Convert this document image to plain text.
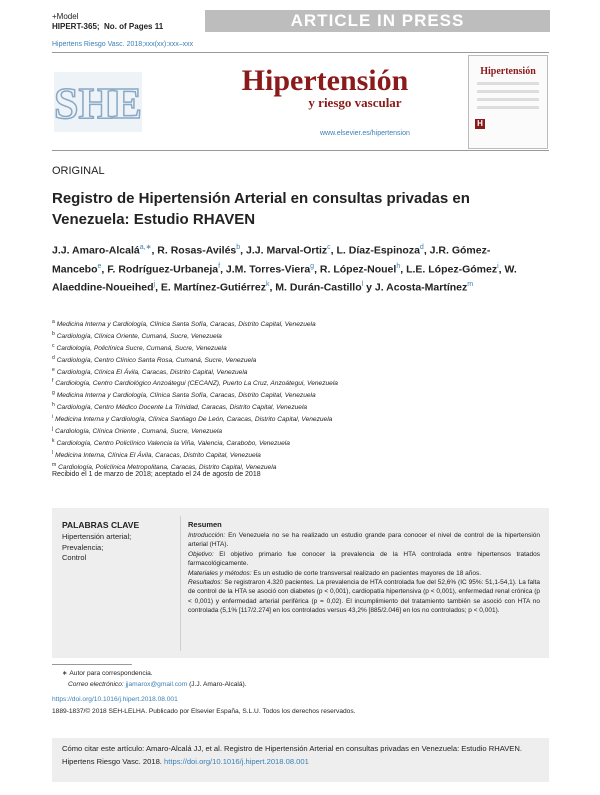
+Model
HIPERT-365; No. of Pages 11	ARTICLE IN PRESS
Hipertens Riesgo Vasc. 2018;xxx(xx):xxx–xxx
SHE	Hipertensión
y riesgo vascular
www.elsevier.es/hipertension
Hipertensión
H
ORIGINAL
Registro de Hipertensión Arterial en consultas privadas en Venezuela: Estudio RHAVEN
J.J. Amaro-Alcalá$^{a,∗}$, R. Rosas-Avilés$^b$, J.J. Marval-Ortiz$^c$, L. Díaz-Espinoza$^d$, J.R. Gómez-Mancebo$^e$, F. Rodríguez-Urbaneja$^f$, J.M. Torres-Viera$^g$, R. López-Nouel$^h$, L.E. López-Gómez$^i$, W. Alaeddine-Noueihed$^j$, E. Martínez-Gutiérrez$^k$, M. Durán-Castillo$^l$ y J. Acosta-Martínez$^m$
$^a$ Medicina Interna y Cardiología, Clínica Santa Sofía, Caracas, Distrito Capital, Venezuela
$^b$ Cardiología, Clínica Oriente, Cumaná, Sucre, Venezuela
$^c$ Cardiología, Policlínica Sucre, Cumaná, Sucre, Venezuela
$^d$ Cardiología, Centro Clínico Santa Rosa, Cumaná, Sucre, Venezuela
$^e$ Cardiología, Clínica El Ávila, Caracas, Distrito Capital, Venezuela
$^f$ Cardiología, Centro Cardiológico Anzoátegui (CECANZ), Puerto La Cruz, Anzoátegui, Venezuela
$^g$ Medicina Interna y Cardiología, Clínica Santa Sofía, Caracas, Distrito Capital, Venezuela
$^h$ Cardiología, Centro Médico Docente La Trinidad, Caracas, Distrito Capital, Venezuela
$^i$ Medicina Interna y Cardiología, Clínica Santiago De León, Caracas, Distrito Capital, Venezuela
$^j$ Cardiología, Clínica Oriente , Cumaná, Sucre, Venezuela
$^k$ Cardiología, Centro Policlínico Valencia la Viña, Valencia, Carabobo, Venezuela
$^l$ Medicina Interna, Clínica El Ávila, Caracas, Distrito Capital, Venezuela
$^m$ Cardiología, Policlínica Metropolitana, Caracas, Distrito Capital, Venezuela
Recibido el 1 de marzo de 2018; aceptado el 24 de agosto de 2018
PALABRAS CLAVE
Hipertensión arterial;
Prevalencia;
Control
Resumen
Introducción: En Venezuela no se ha realizado un estudio grande para conocer el nivel de control de la hipertensión arterial (HTA).
Objetivo: El objetivo primario fue conocer la prevalencia de la HTA controlada entre hipertensos tratados farmacológicamente.
Materiales y métodos: Es un estudio de corte transversal realizado en pacientes mayores de 18 años.
Resultados: Se registraron 4.320 pacientes. La prevalencia de HTA controlada fue del 52,6% (IC 95%: 51,1-54,1). La falta de control de la HTA se asoció con diabetes (p < 0,001), cardiopatía hipertensiva (p < 0,001), enfermedad renal crónica (p < 0,001) y enfermedad arterial periférica (p = 0,02). El incumplimiento del tratamiento también se asoció con HTA no controlada (5,1% [117/2.274] en los controlados versus 43,2% [885/2.046] en los no controlados; p < 0,001).
∗ Autor para correspondencia.
Correo electrónico: jjamarox@gmail.com (J.J. Amaro-Alcalá).
https://doi.org/10.1016/j.hipert.2018.08.001
1889-1837/© 2018 SEH-LELHA. Publicado por Elsevier España, S.L.U. Todos los derechos reservados.
Cómo citar este artículo: Amaro-Alcalá JJ, et al. Registro de Hipertensión Arterial en consultas privadas en Venezuela: Estudio RHAVEN. Hipertens Riesgo Vasc. 2018. https://doi.org/10.1016/j.hipert.2018.08.001
